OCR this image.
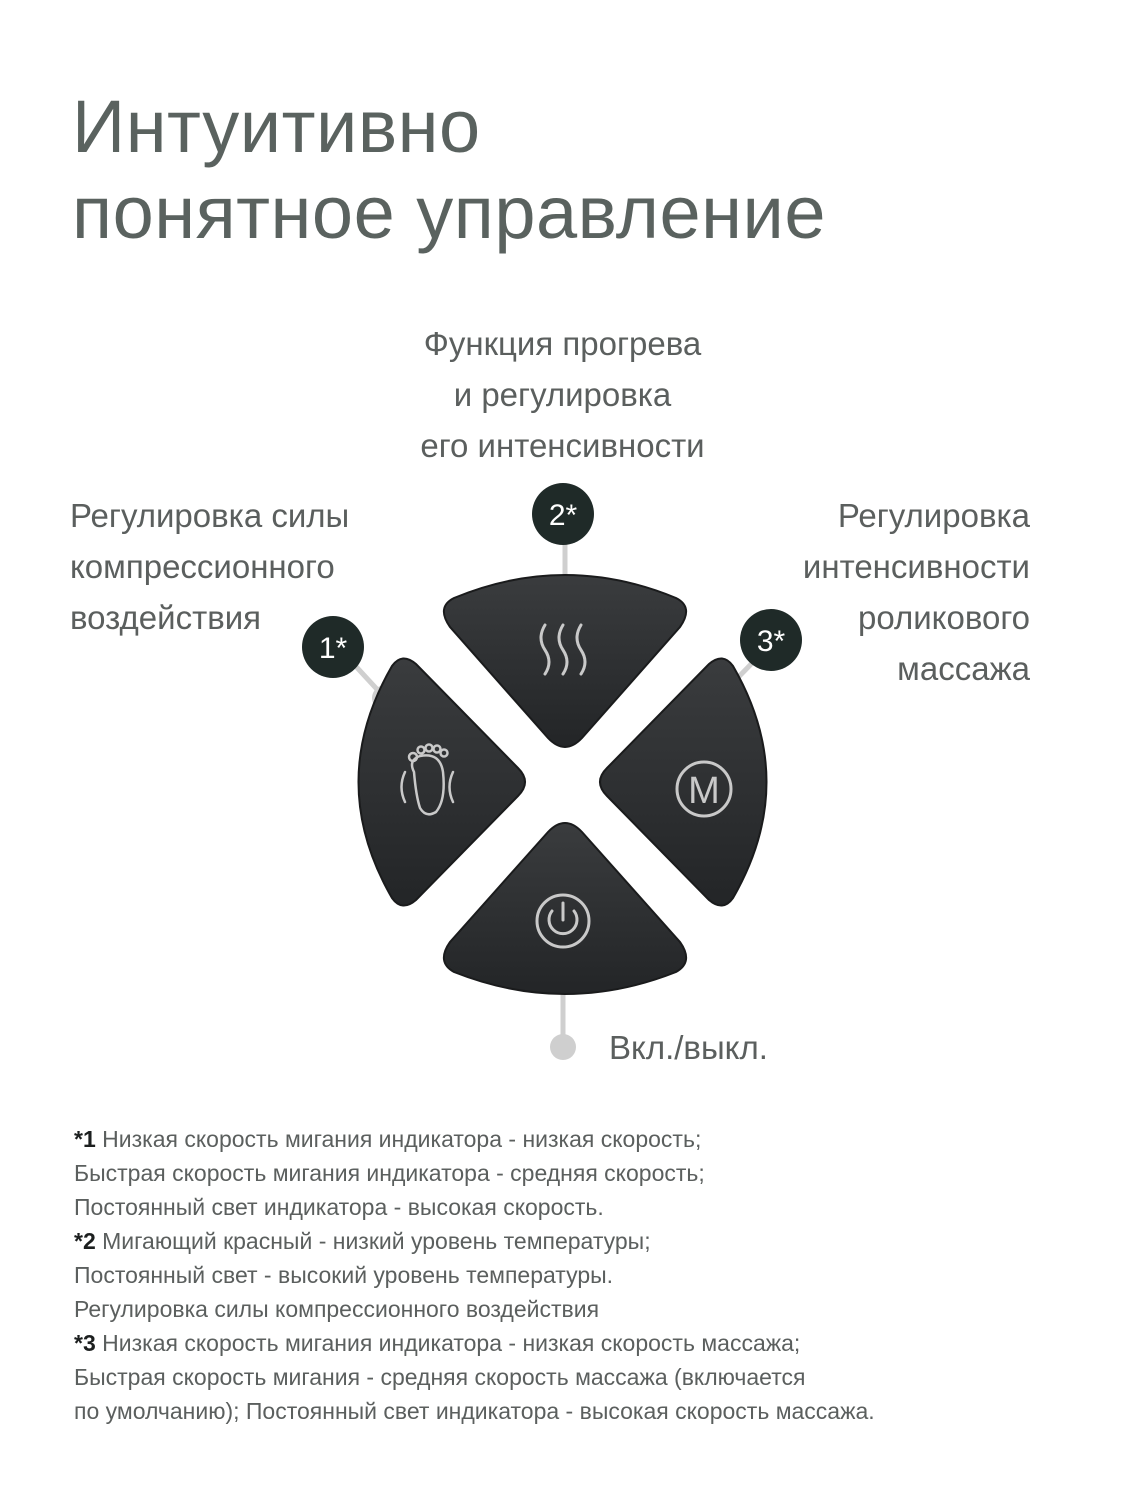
Интуитивно
понятное управление
Функция прогрева
и регулировка
его интенсивности
Регулировка силы
компрессионного
воздействия
Регулировка
интенсивности
роликового
массажа
Вкл./выкл.
M
2*
1*	3*
*1 Низкая скорость мигания индикатора - низкая скорость;
Быстрая скорость мигания индикатора - средняя скорость;
Постоянный свет индикатора - высокая скорость.
*2 Мигающий красный - низкий уровень температуры;
Постоянный свет - высокий уровень температуры.
Регулировка силы компрессионного воздействия
*3 Низкая скорость мигания индикатора - низкая скорость массажа;
Быстрая скорость мигания - средняя скорость массажа (включается
по умолчанию); Постоянный свет индикатора - высокая скорость массажа.
